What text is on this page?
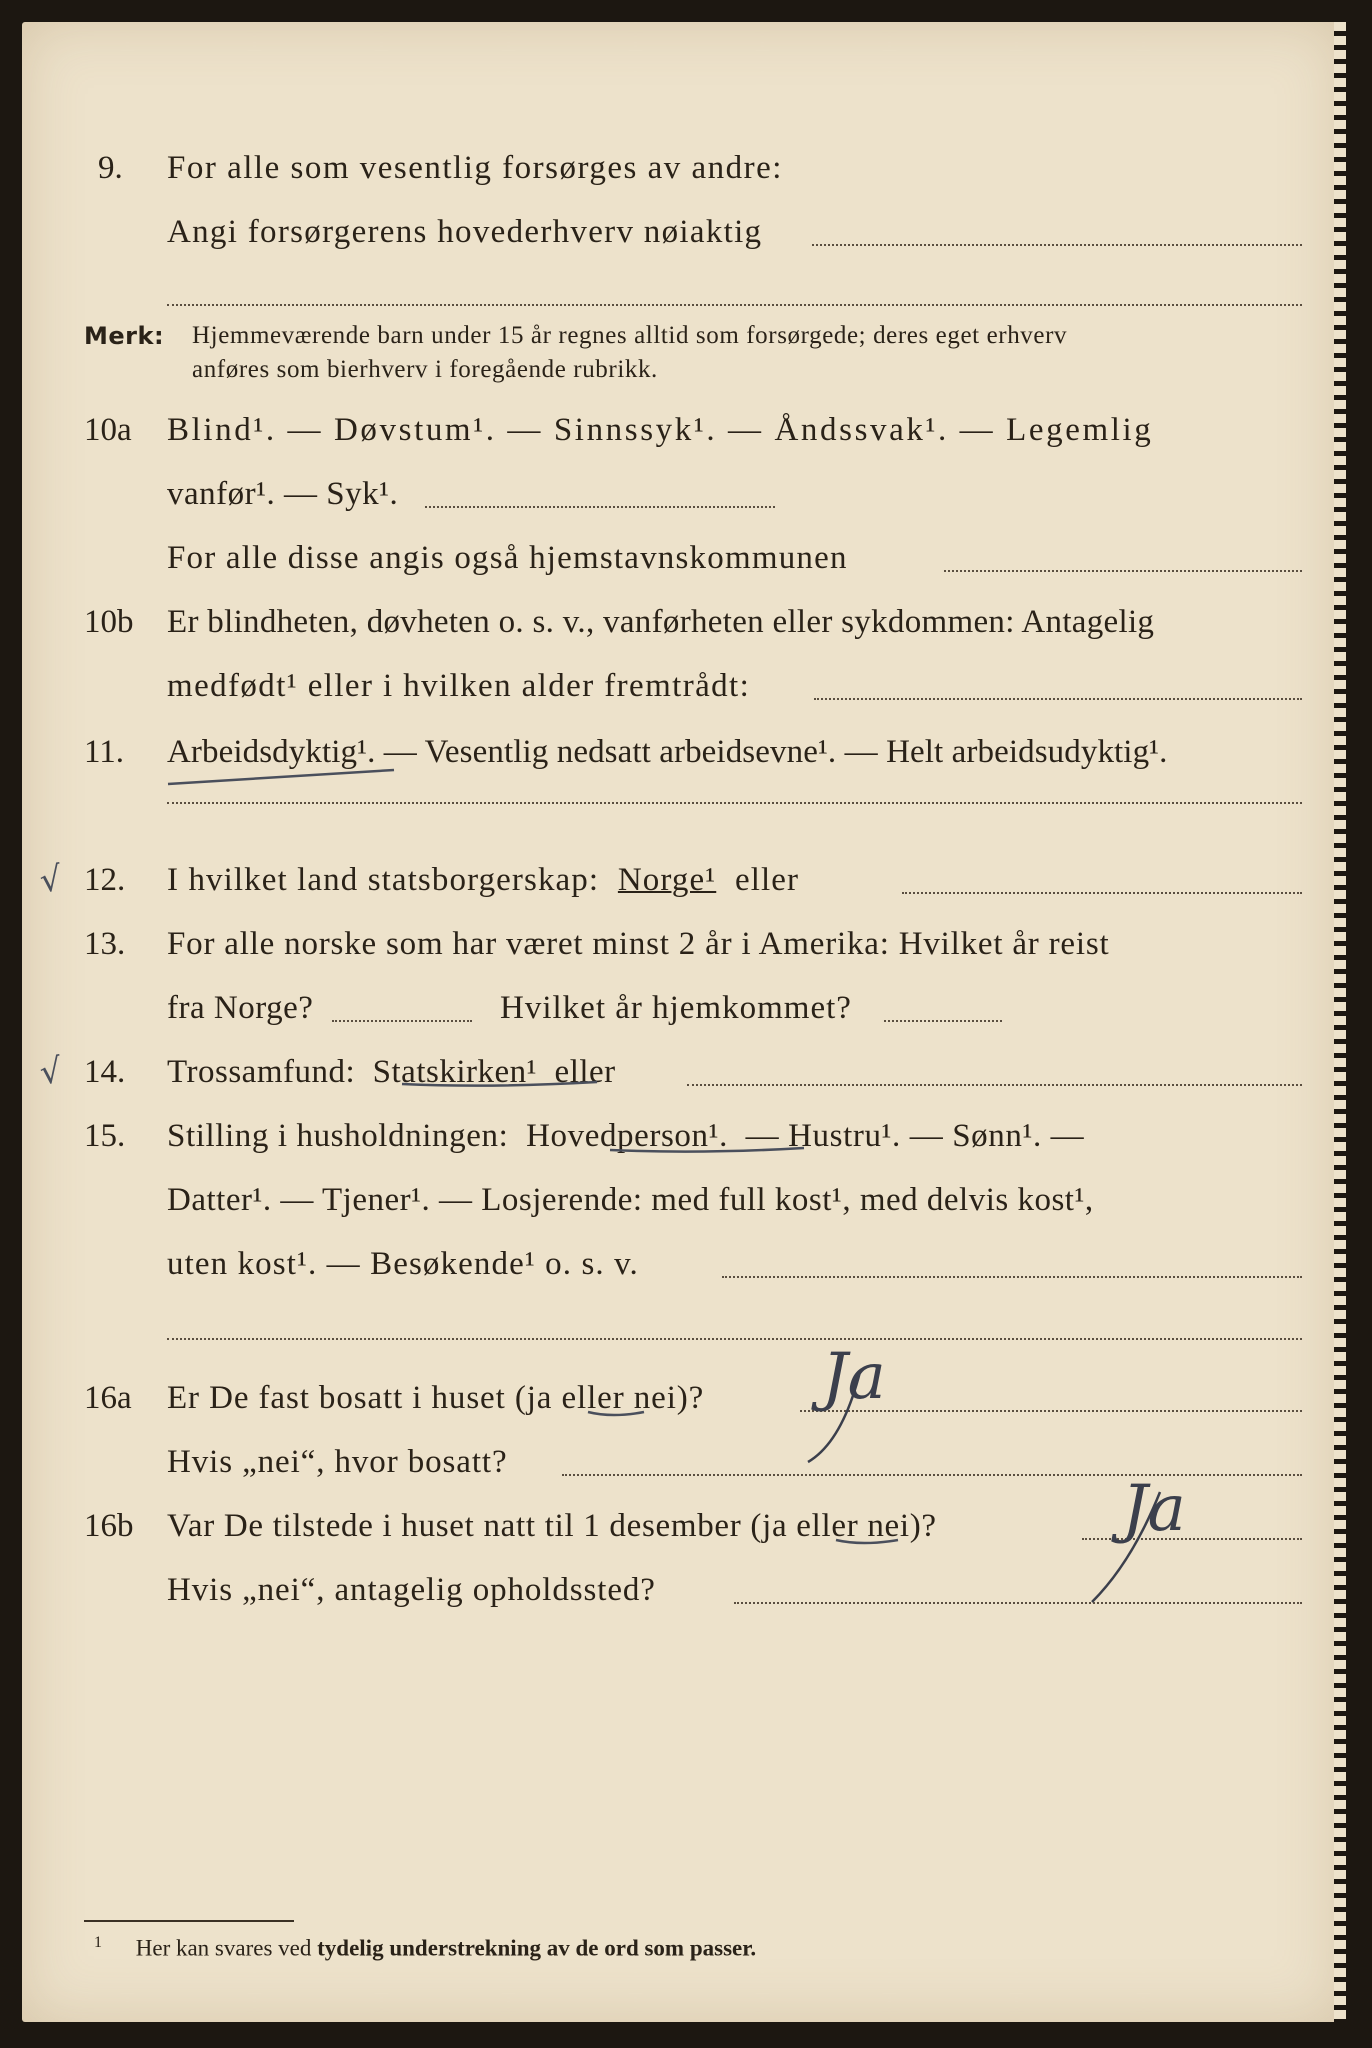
9. For alle som vesentlig forsørges av andre:
Angi forsørgerens hovederhverv nøiaktig
Merk: Hjemmeværende barn under 15 år regnes alltid som forsørgede; deres eget erhverv
anføres som bierhverv i foregående rubrikk.
10a Blind¹. — Døvstum¹. — Sinnssyk¹. — Åndssvak¹. — Legemlig
vanfør¹. — Syk¹.
For alle disse angis også hjemstavnskommunen
10b Er blindheten, døvheten o. s. v., vanførheten eller sykdommen: Antagelig
medfødt¹ eller i hvilken alder fremtrådt:
11. Arbeidsdyktig¹. — Vesentlig nedsatt arbeidsevne¹. — Helt arbeidsudyktig¹.
√ 12. I hvilket land statsborgerskap: Norge¹ eller
13. For alle norske som har været minst 2 år i Amerika: Hvilket år reist
fra Norge?	Hvilket år hjemkommet?
√ 14. Trossamfund: Statskirken¹ eller
15. Stilling i husholdningen: Hovedperson¹. — Hustru¹. — Sønn¹. —
Datter¹. — Tjener¹. — Losjerende: med full kost¹, med delvis kost¹,
uten kost¹. — Besøkende¹ o. s. v.
16a Er De fast bosatt i huset (ja eller nei)? Ja
Hvis „nei“, hvor bosatt?
16b Var De tilstede i huset natt til 1 desember (ja eller nei)?	Ja
Hvis „nei“, antagelig opholdssted?
$^1$ Her kan svares ved tydelig understrekning av de ord som passer.
